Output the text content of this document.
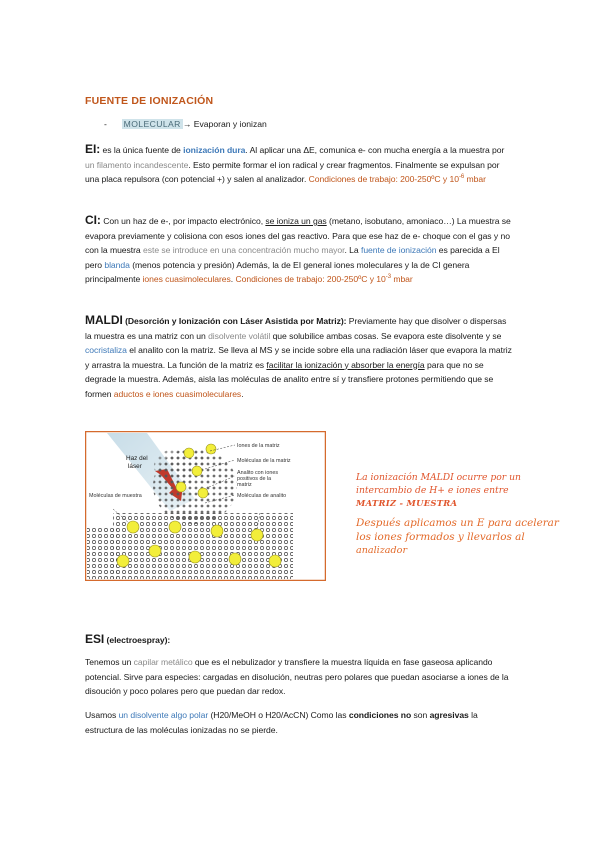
FUENTE DE IONIZACIÓN
- MOLECULAR → Evaporan y ionizan
EI: es la única fuente de ionización dura. Al aplicar una ΔE, comunica e- con mucha energía a la muestra por un filamento incandescente. Esto permite formar el ion radical y crear fragmentos. Finalmente se expulsan por una placa repulsora (con potencial +) y salen al analizador. Condiciones de trabajo: 200-250ºC y $10^{-6}$ mbar
CI: Con un haz de e-, por impacto electrónico, se ioniza un gas (metano, isobutano, amoniaco…) La muestra se evapora previamente y colisiona con esos iones del gas reactivo. Para que ese haz de e- choque con el gas y no con la muestra este se introduce en una concentración mucho mayor. La fuente de ionización es parecida a El pero blanda (menos potencia y presión) Además, la de EI general iones moleculares y la de CI genera principalmente iones cuasimoleculares. Condiciones de trabajo: 200-250ºC y $10^{-3}$ mbar
MALDI (Desorción y Ionización con Láser Asistida por Matriz): Previamente hay que disolver o dispersas la muestra es una matriz con un disolvente volátil que solubilice ambas cosas. Se evapora este disolvente y se cocristaliza el analito con la matriz. Se lleva al MS y se incide sobre ella una radiación láser que evapora la matriz y arrastra la muestra. La función de la matriz es facilitar la ionización y absorber la energía para que no se degrade la muestra. Además, aisla las moléculas de analito entre sí y transfiere protones permitiendo que se formen aductos e iones cuasimoleculares.
Haz del
láser
Iones de la matriz
Moléculas de la matriz
Analito con iones
positivos de la
matriz
Moléculas de analito
Moléculas de muestra
La ionización MALDI ocurre por un
intercambio de H+ e iones entre
MATRIZ - MUESTRA
Después aplicamos un E para acelerar
los iones formados y llevarlos al
analizador
ESI (electroespray):
Tenemos un capilar metálico que es el nebulizador y transfiere la muestra líquida en fase gaseosa aplicando potencial. Sirve para especies: cargadas en disolución, neutras pero polares que puedan asociarse a iones de la disoución y poco polares pero que puedan dar redox.
Usamos un disolvente algo polar (H20/MeOH o H20/AcCN) Como las condiciones no son agresivas la estructura de las moléculas ionizadas no se pierde.
